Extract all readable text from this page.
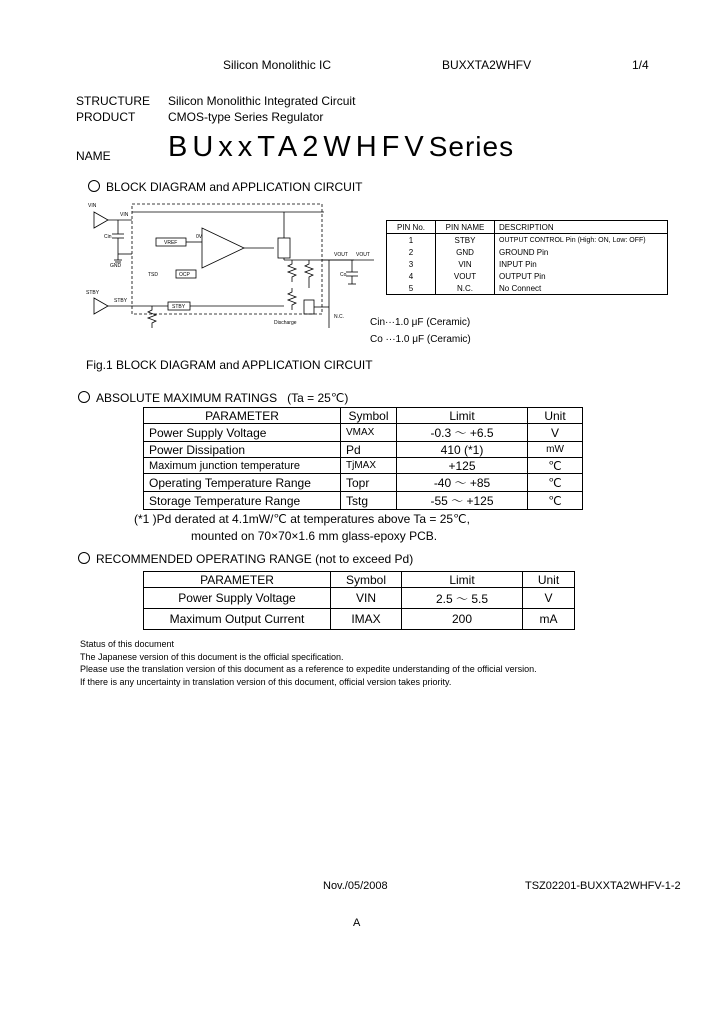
Silicon Monolithic IC	BUXXTA2WHFV	1/4
STRUCTURE Silicon Monolithic Integrated Circuit
PRODUCT	CMOS-type Series Regulator
NAME BUxxTA2WHFVSeries
BLOCK DIAGRAM and APPLICATION CIRCUIT
VIN
VIN
Cin
GND
VREF
OCP
TSD
STBY
STBY
STBY
VOUT VOUT
Co
Discharge
N.C.
0V
PIN No.	PIN NAME	DESCRIPTION
1	STBY	OUTPUT CONTROL Pin (High: ON, Low: OFF)
2	GND	GROUND Pin
3	VIN	INPUT Pin
4	VOUT	OUTPUT Pin
5	N.C.	No Connect
Cin···1.0 μF (Ceramic)
Co ···1.0 μF (Ceramic)
Fig.1 BLOCK DIAGRAM and APPLICATION CIRCUIT
ABSOLUTE MAXIMUM RATINGS (Ta = 25℃)
PARAMETER	Symbol	Limit	Unit
Power Supply Voltage	VMAX	-0.3 ～ +6.5	V
Power Dissipation	Pd	410 (*1)	mW
Maximum junction temperature	TjMAX	+125	℃
Operating Temperature Range	Topr	-40 ～ +85	℃
Storage Temperature Range	Tstg	-55 ～ +125	℃
(*1 )Pd derated at 4.1mW/℃ at temperatures above Ta = 25℃,
mounted on 70×70×1.6 mm glass-epoxy PCB.
RECOMMENDED OPERATING RANGE (not to exceed Pd)
PARAMETER	Symbol	Limit	Unit
Power Supply Voltage	VIN	2.5 ～ 5.5	V
Maximum Output Current	IMAX	200	mA
Status of this document
The Japanese version of this document is the official specification.
Please use the translation version of this document as a reference to expedite understanding of the official version.
If there is any uncertainty in translation version of this document, official version takes priority.
Nov./05/2008	TSZ02201-BUXXTA2WHFV-1-2
A
